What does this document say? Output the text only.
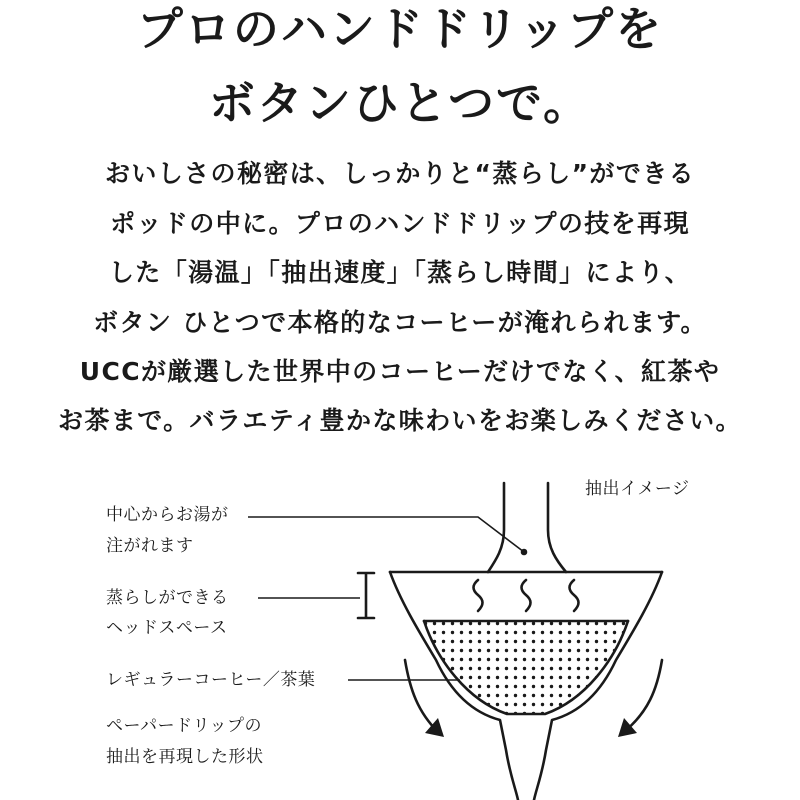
プロのハンドドリップを
ボタンひとつで。
おいしさの秘密は、しっかりと“蒸らし”ができる
ポッドの中に。プロのハンドドリップの技を再現
した「湯温」「抽出速度」「蒸らし時間」により、
ボタン ひとつで本格的なコーヒーが淹れられます。
UCCが厳選した世界中のコーヒーだけでなく、紅茶や
お茶まで。バラエティ豊かな味わいをお楽しみください。
抽出イメージ
中心からお湯が
注がれます
蒸らしができる
ヘッドスペース
レギュラーコーヒー／茶葉
ペーパードリップの
抽出を再現した形状
